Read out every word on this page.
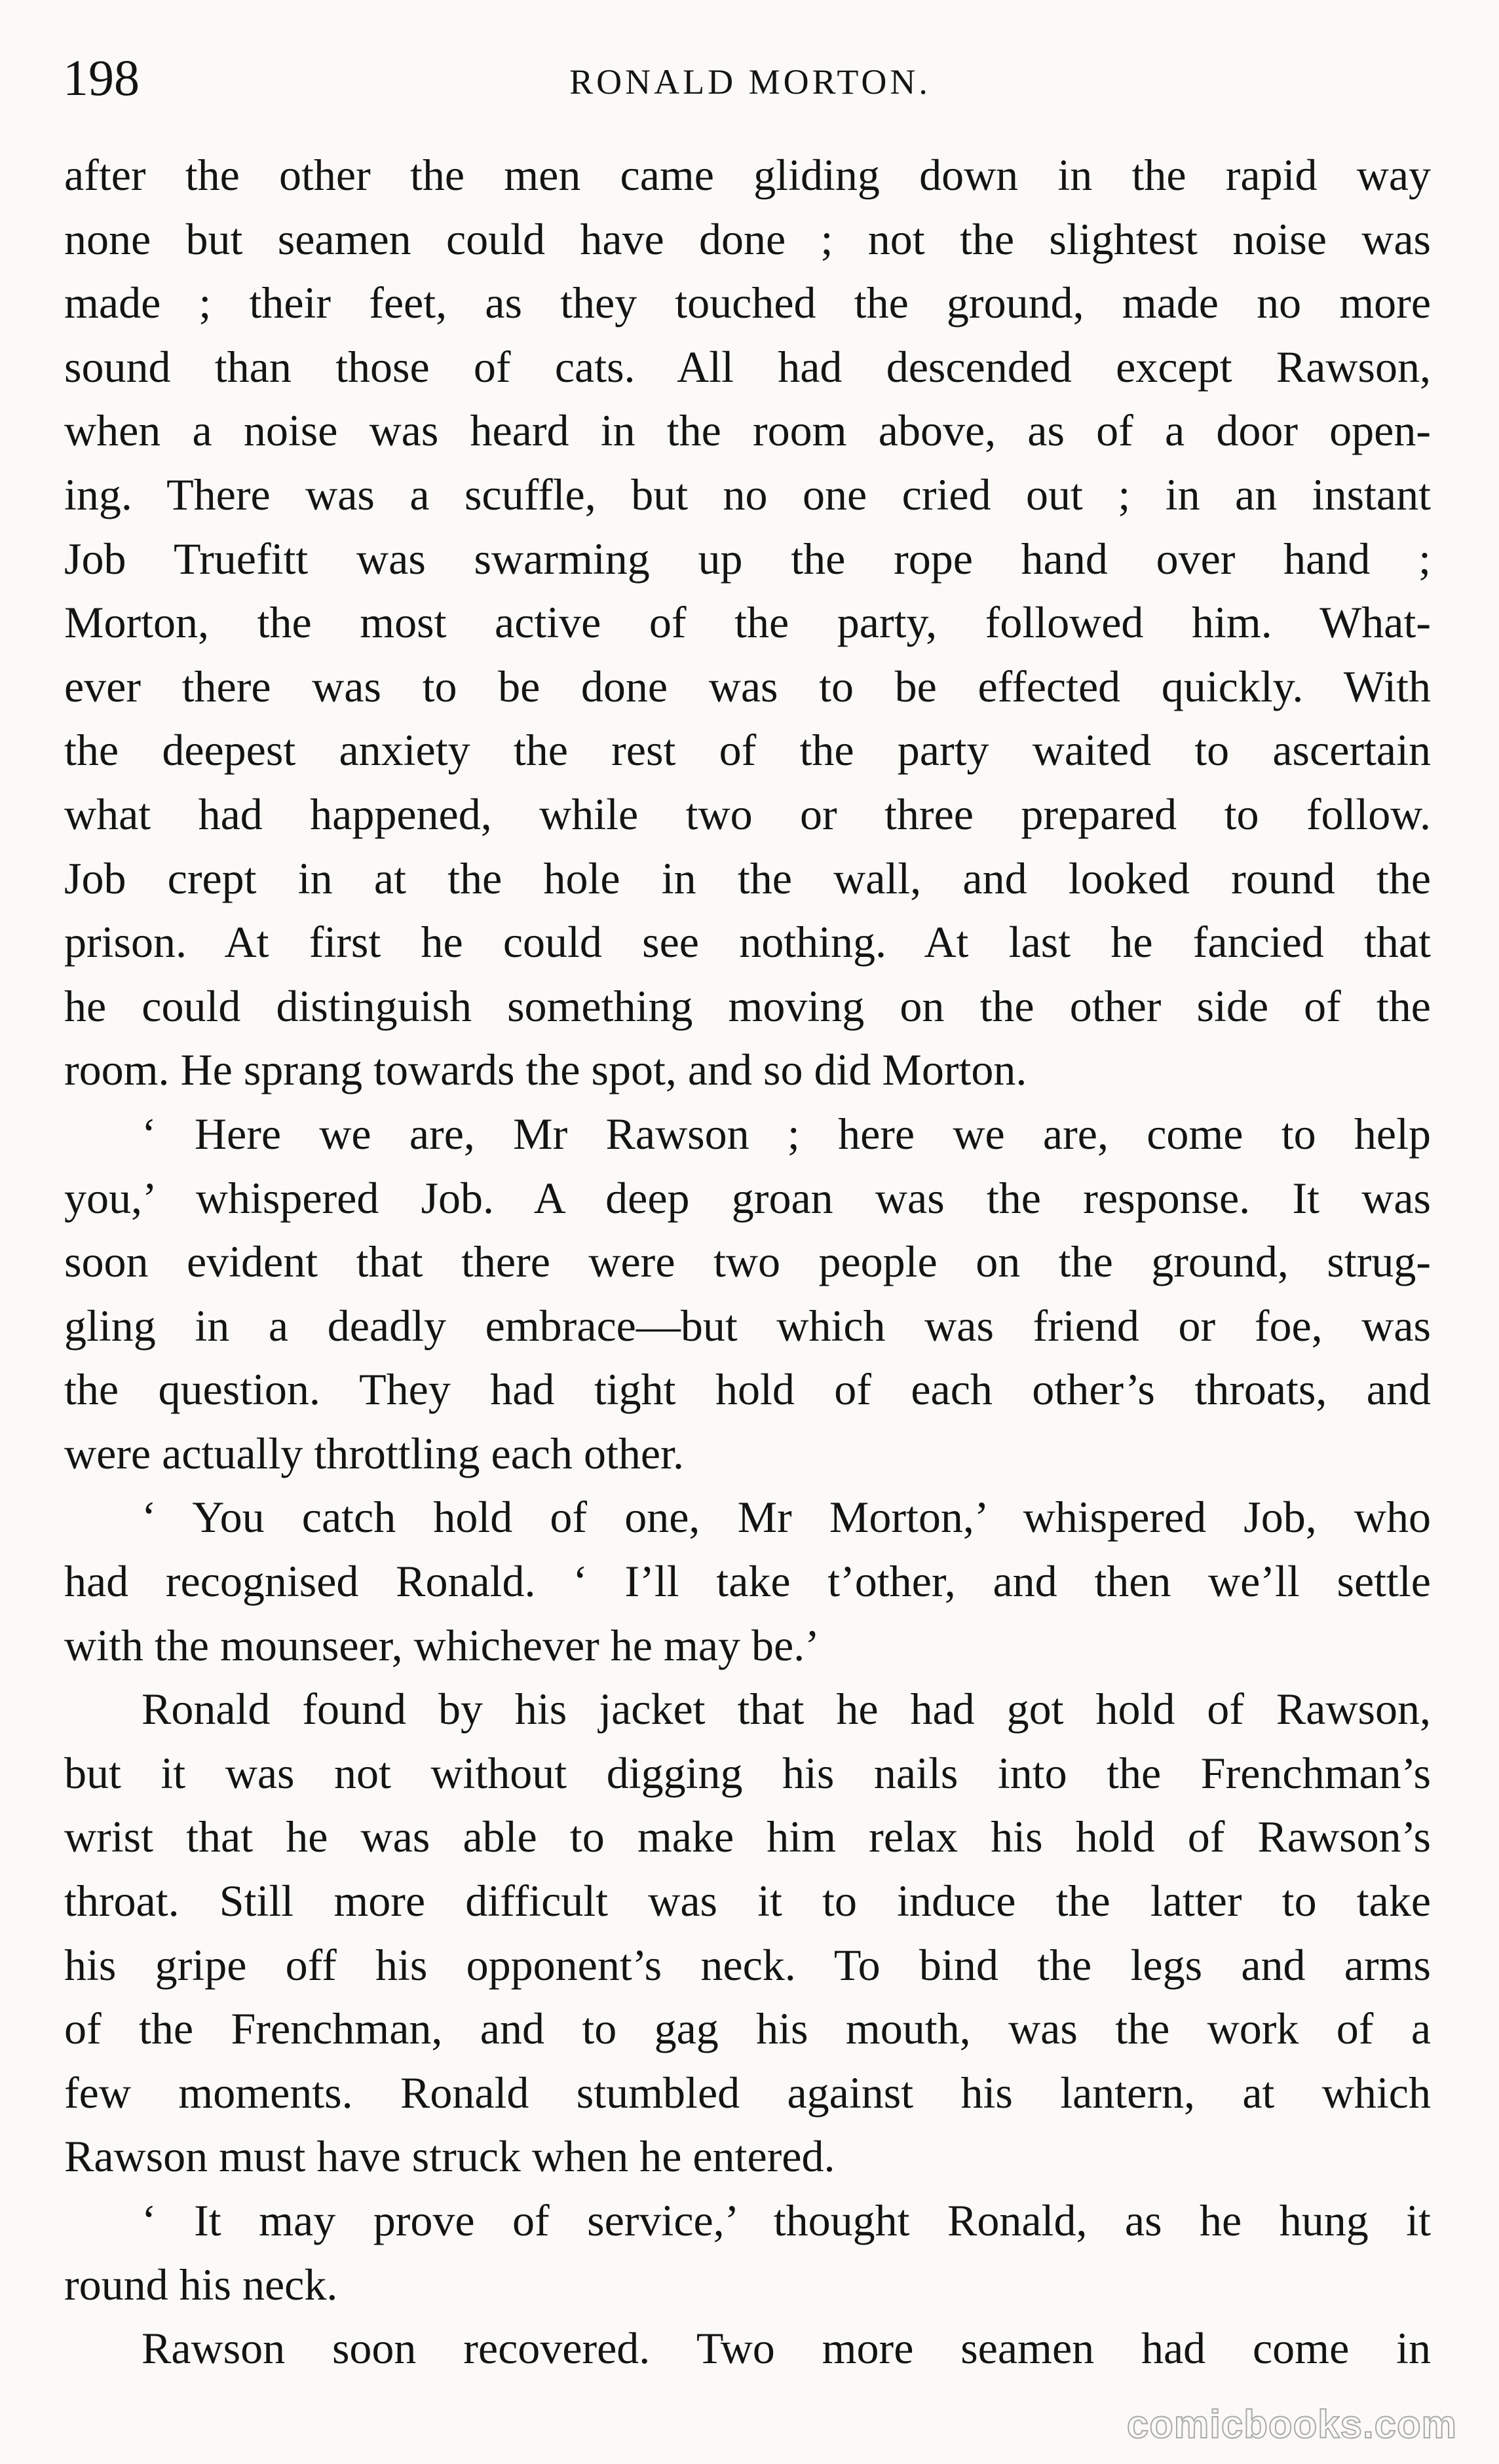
198	RONALD MORTON.

after the other the men came gliding down in the rapid way

none but seamen could have done ; not the slightest noise was

made ; their feet, as they touched the ground, made no more

sound than those of cats. All had descended except Rawson,

when a noise was heard in the room above, as of a door open-

ing. There was a scuffle, but no one cried out ; in an instant

Job Truefitt was swarming up the rope hand over hand ;

Morton, the most active of the party, followed him. What-

ever there was to be done was to be effected quickly. With

the deepest anxiety the rest of the party waited to ascertain

what had happened, while two or three prepared to follow.

Job crept in at the hole in the wall, and looked round the

prison. At first he could see nothing. At last he fancied that

he could distinguish something moving on the other side of the

room. He sprang towards the spot, and so did Morton.

‘ Here we are, Mr Rawson ; here we are, come to help

you,’ whispered Job. A deep groan was the response. It was

soon evident that there were two people on the ground, strug-

gling in a deadly embrace—but which was friend or foe, was

the question. They had tight hold of each other’s throats, and

were actually throttling each other.

‘ You catch hold of one, Mr Morton,’ whispered Job, who

had recognised Ronald. ‘ I’ll take t’other, and then we’ll settle

with the mounseer, whichever he may be.’

Ronald found by his jacket that he had got hold of Rawson,

but it was not without digging his nails into the Frenchman’s

wrist that he was able to make him relax his hold of Rawson’s

throat. Still more difficult was it to induce the latter to take

his gripe off his opponent’s neck. To bind the legs and arms

of the Frenchman, and to gag his mouth, was the work of a

few moments. Ronald stumbled against his lantern, at which

Rawson must have struck when he entered.

‘ It may prove of service,’ thought Ronald, as he hung it

round his neck.

Rawson soon recovered. Two more seamen had come in

comicbooks.com
